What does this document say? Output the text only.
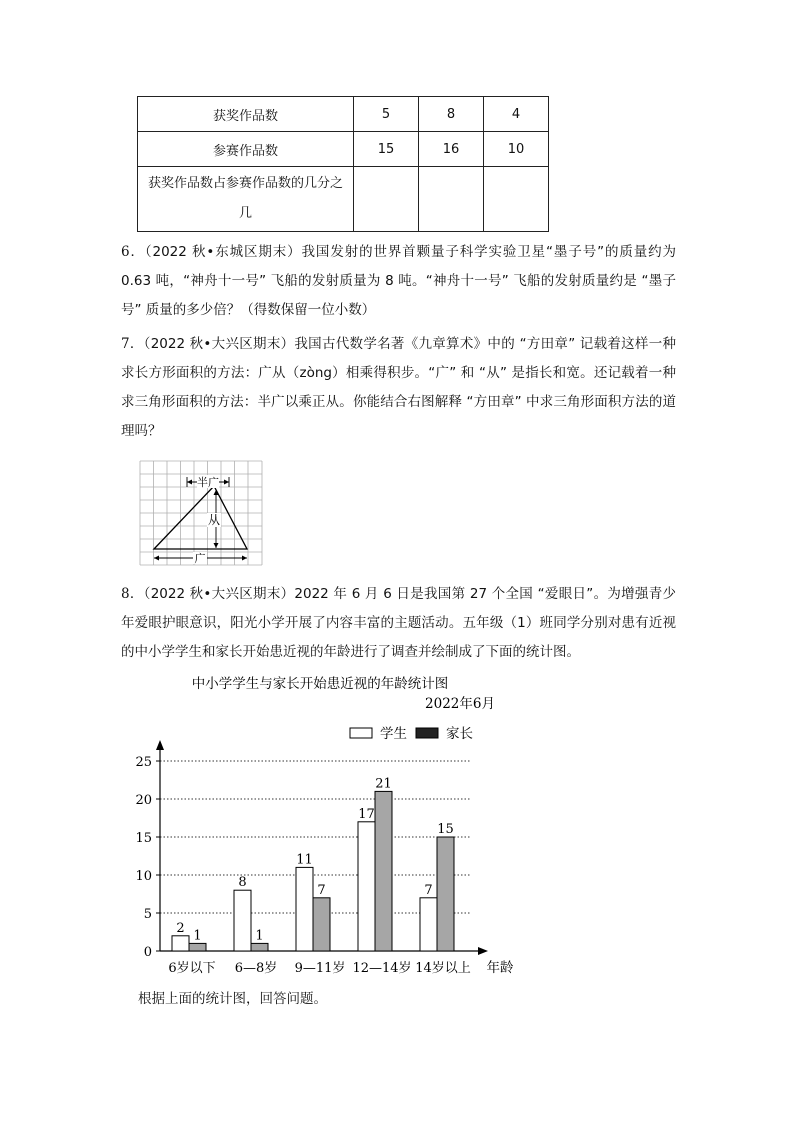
获奖作品数	5	8	4
参赛作品数	15	16	10

获奖作品数占参赛作品数的几分之
几			

6．（2022 秋•东城区期末）我国发射的世界首颗量子科学实验卫星“墨子号”的质量约为 0.63 吨，“神舟十一号” 飞船的发射质量为 8 吨。“神舟十一号” 飞船的发射质量约是 “墨子号” 质量的多少倍？（得数保留一位小数）
7．（2022 秋•大兴区期末）我国古代数学名著《九章算术》中的 “方田章” 记载着这样一种求长方形面积的方法：广从（zòng）相乘得积步。“广” 和 “从” 是指长和宽。还记载着一种求三角形面积的方法：半广以乘正从。你能结合右图解释 “方田章” 中求三角形面积方法的道理吗？
半广
从
广
8．（2022 秋•大兴区期末）2022 年 6 月 6 日是我国第 27 个全国 “爱眼日”。为增强青少年爱眼护眼意识，阳光小学开展了内容丰富的主题活动。五年级（1）班同学分别对患有近视的中小学学生和家长开始患近视的年龄进行了调查并绘制成了下面的统计图。
中小学学生与家长开始患近视的年龄统计图
2022年6月
学生	家长
0
5
10
15
20
25
年龄
6岁以下 6—8岁 9—11岁 12—14岁 14岁以上
2
1
8
1
11
7
17
21
7
15
根据上面的统计图，回答问题。
